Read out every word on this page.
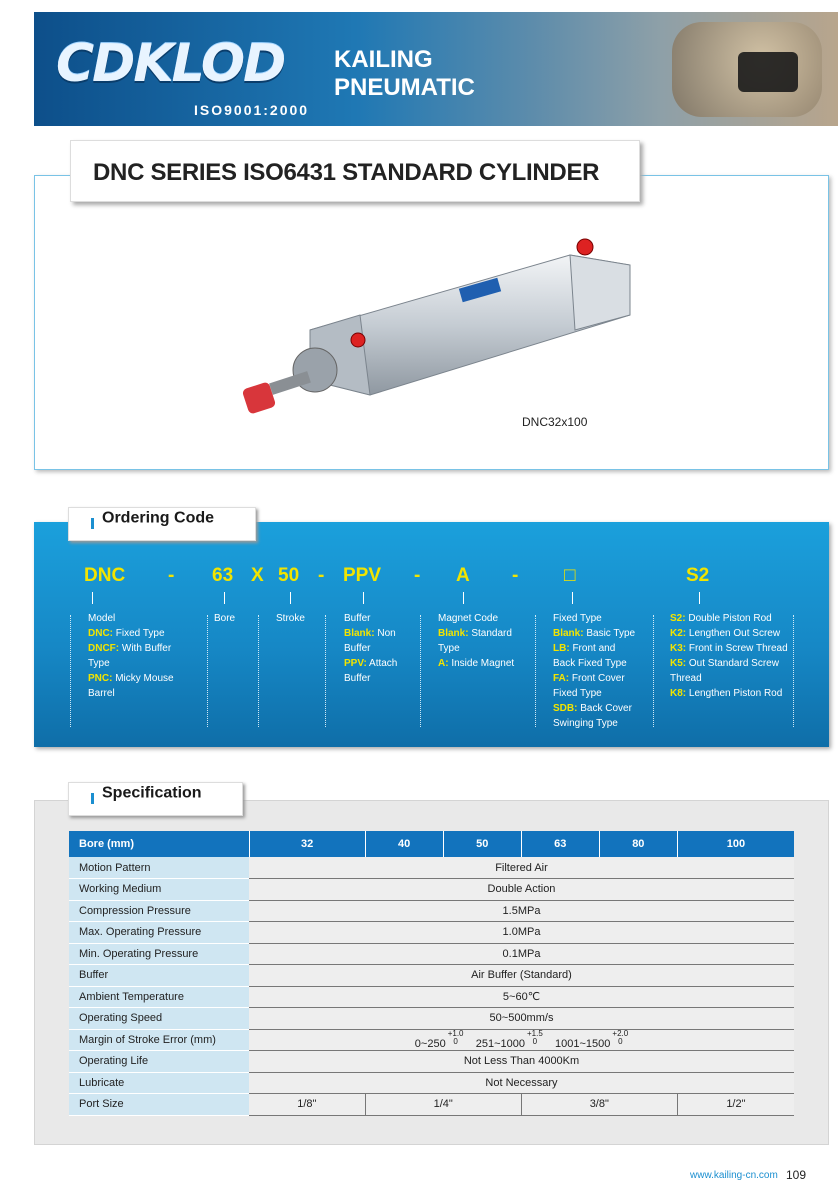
CDKLOD
ISO9001:2000
KAILING
PNEUMATIC
DNC SERIES ISO6431 STANDARD CYLINDER
DNC32x100
Ordering Code
DNC - 63 X 50 - PPV - A - □	S2
Model
DNC: Fixed Type
DNCF: With Buffer
Type
PNC: Micky Mouse
Barrel
Bore	Stroke	Buffer
Blank: Non
Buffer
PPV: Attach
Buffer
Magnet Code
Blank: Standard
Type
A: Inside Magnet
Fixed Type
Blank: Basic Type
LB: Front and
Back Fixed Type
FA: Front Cover
Fixed Type
SDB: Back Cover
Swinging Type
S2: Double Piston Rod
K2: Lengthen Out Screw
K3: Front in Screw Thread
K5: Out Standard Screw
Thread
K8: Lengthen Piston Rod
Specification
Bore (mm)	32	40	50	63	80	100
Motion Pattern	Filtered Air					
Working Medium	Double Action					
Compression Pressure	1.5MPa					
Max. Operating Pressure	1.0MPa					
Min. Operating Pressure	0.1MPa					
Buffer	Air Buffer (Standard)					
Ambient Temperature	5~60℃					
Operating Speed	50~500mm/s					
Margin of Stroke Error (mm)	0~250+1.0
0 251~1000+1.5
0 1001~1500+2.0
0					
Operating Life	Not Less Than 4000Km					
Lubricate	Not Necessary					
Port Size	1/8"	1/4"		3/8"		1/2"
www.kailing-cn.com 109
